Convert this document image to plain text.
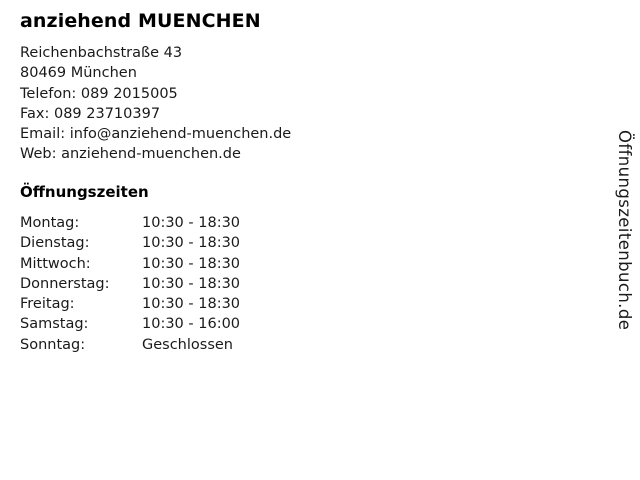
anziehend MUENCHEN
Reichenbachstraße 43
80469 München
Telefon: 089 2015005
Fax: 089 23710397
Email: info@anziehend-muenchen.de
Web: anziehend-muenchen.de
Öffnungszeiten
Montag:	10:30 - 18:30
Dienstag:	10:30 - 18:30
Mittwoch:	10:30 - 18:30
Donnerstag:	10:30 - 18:30
Freitag:	10:30 - 18:30
Samstag:	10:30 - 16:00
Sonntag:	Geschlossen
Öffnungszeitenbuch.de
